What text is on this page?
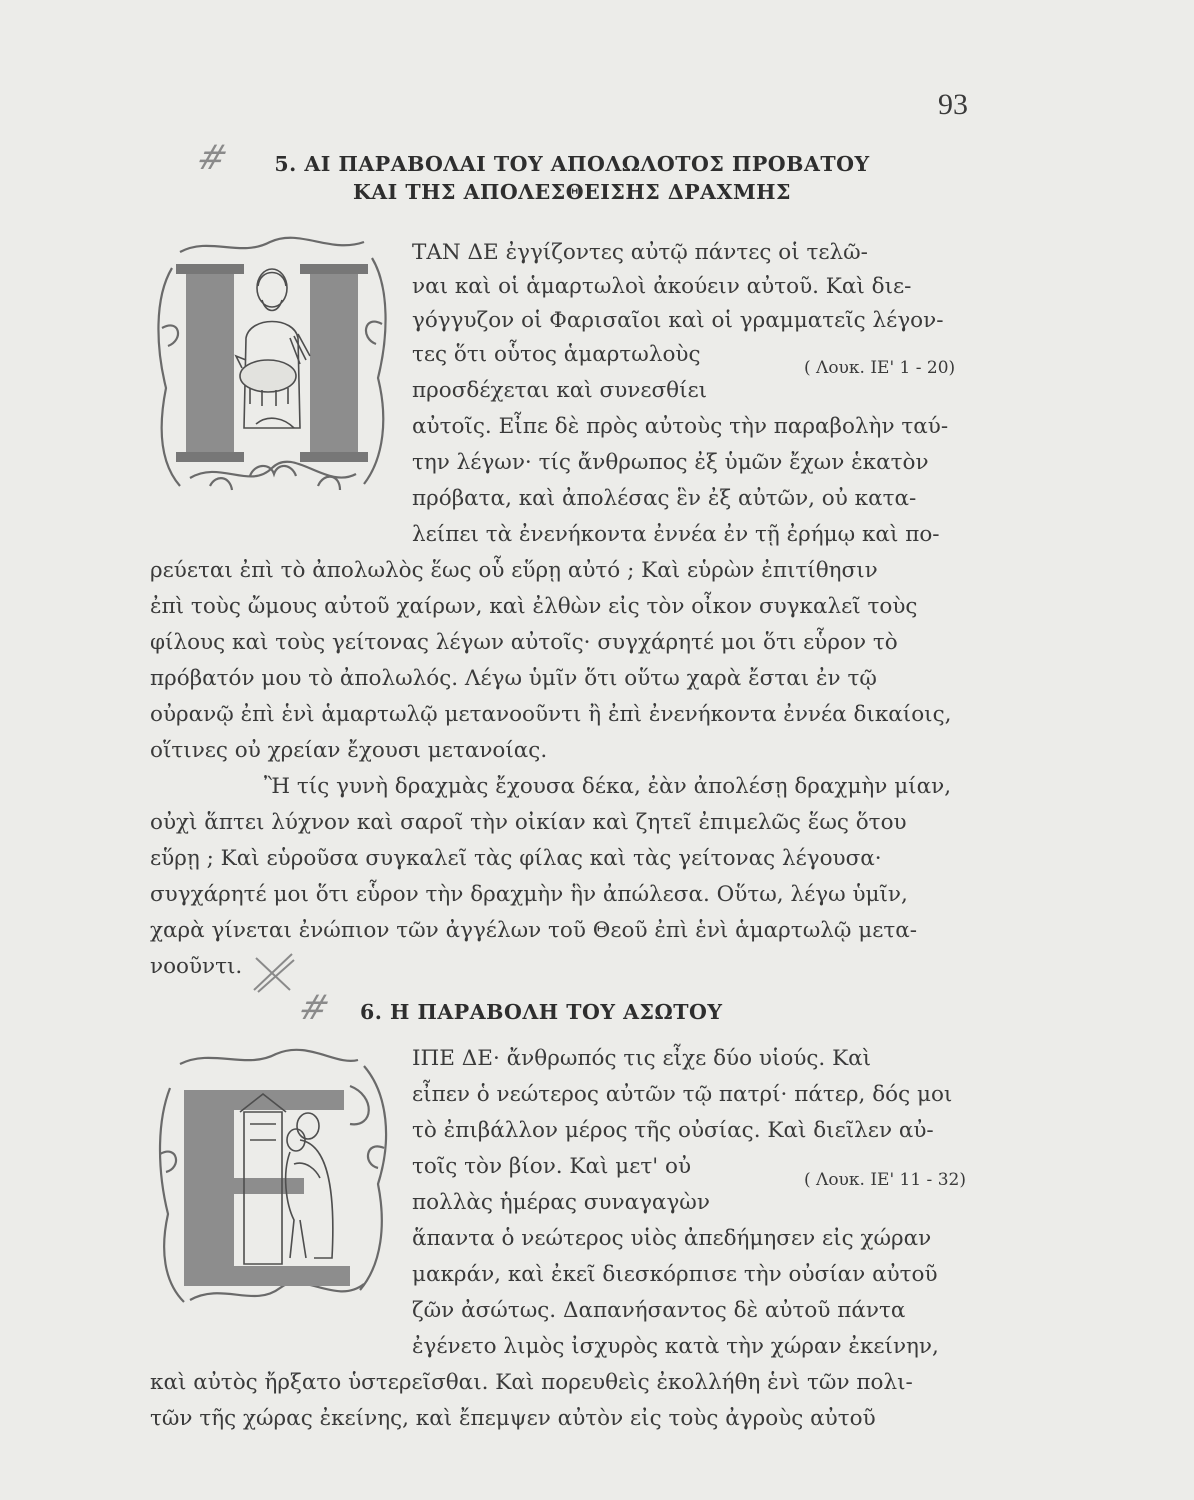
93
#	5. ΑΙ ΠΑΡΑΒΟΛΑΙ ΤΟΥ ΑΠΟΛΩΛΟΤΟΣ ΠΡΟΒΑΤΟΥ
ΚΑΙ ΤΗΣ ΑΠΟΛΕΣΘΕΙΣΗΣ ΔΡΑΧΜΗΣ
ΤΑΝ ΔΕ ἐγγίζοντες αὐτῷ πάντες οἱ τελῶ-
ναι καὶ οἱ ἁμαρτωλοὶ ἀκούειν αὐτοῦ. Καὶ διε-
γόγγυζον οἱ Φαρισαῖοι καὶ οἱ γραμματεῖς λέγον-
τες ὅτι οὗτος ἁμαρτωλοὺς
( Λουκ. ΙΕ' 1 - 20)
προσδέχεται καὶ συνεσθίει
αὐτοῖς. Εἶπε δὲ πρὸς αὐτοὺς τὴν παραβολὴν ταύ-
την λέγων· τίς ἄνθρωπος ἐξ ὑμῶν ἔχων ἑκατὸν
πρόβατα, καὶ ἀπολέσας ἓν ἐξ αὐτῶν, οὐ κατα-
λείπει τὰ ἐνενήκοντα ἐννέα ἐν τῇ ἐρήμῳ καὶ πο-
ρεύεται ἐπὶ τὸ ἀπολωλὸς ἕως οὗ εὕρῃ αὐτό ; Καὶ εὑρὼν ἐπιτίθησιν
ἐπὶ τοὺς ὤμους αὐτοῦ χαίρων, καὶ ἐλθὼν εἰς τὸν οἶκον συγκαλεῖ τοὺς
φίλους καὶ τοὺς γείτονας λέγων αὐτοῖς· συγχάρητέ μοι ὅτι εὗρον τὸ
πρόβατόν μου τὸ ἀπολωλός. Λέγω ὑμῖν ὅτι οὕτω χαρὰ ἔσται ἐν τῷ
οὐρανῷ ἐπὶ ἑνὶ ἁμαρτωλῷ μετανοοῦντι ἢ ἐπὶ ἐνενήκοντα ἐννέα δικαίοις,
οἵτινες οὐ χρείαν ἔχουσι μετανοίας.
Ἢ τίς γυνὴ δραχμὰς ἔχουσα δέκα, ἐὰν ἀπολέσῃ δραχμὴν μίαν,
οὐχὶ ἅπτει λύχνον καὶ σαροῖ τὴν οἰκίαν καὶ ζητεῖ ἐπιμελῶς ἕως ὅτου
εὕρῃ ; Καὶ εὑροῦσα συγκαλεῖ τὰς φίλας καὶ τὰς γείτονας λέγουσα·
συγχάρητέ μοι ὅτι εὗρον τὴν δραχμὴν ἣν ἀπώλεσα. Οὕτω, λέγω ὑμῖν,
χαρὰ γίνεται ἐνώπιον τῶν ἀγγέλων τοῦ Θεοῦ ἐπὶ ἑνὶ ἁμαρτωλῷ μετα-
νοοῦντι.
# 6. Η ΠΑΡΑΒΟΛΗ ΤΟΥ ΑΣΩΤΟΥ
ΙΠΕ ΔΕ· ἄνθρωπός τις εἶχε δύο υἱούς. Καὶ
εἶπεν ὁ νεώτερος αὐτῶν τῷ πατρί· πάτερ, δός μοι
τὸ ἐπιβάλλον μέρος τῆς οὐσίας. Καὶ διεῖλεν αὐ-
τοῖς τὸν βίον. Καὶ μετ' οὐ
( Λουκ. ΙΕ' 11 - 32)
πολλὰς ἡμέρας συναγαγὼν
ἅπαντα ὁ νεώτερος υἱὸς ἀπεδήμησεν εἰς χώραν
μακράν, καὶ ἐκεῖ διεσκόρπισε τὴν οὐσίαν αὐτοῦ
ζῶν ἀσώτως. Δαπανήσαντος δὲ αὐτοῦ πάντα
ἐγένετο λιμὸς ἰσχυρὸς κατὰ τὴν χώραν ἐκείνην,
καὶ αὐτὸς ἤρξατο ὑστερεῖσθαι. Καὶ πορευθεὶς ἐκολλήθη ἑνὶ τῶν πολι-
τῶν τῆς χώρας ἐκείνης, καὶ ἔπεμψεν αὐτὸν εἰς τοὺς ἀγροὺς αὐτοῦ
